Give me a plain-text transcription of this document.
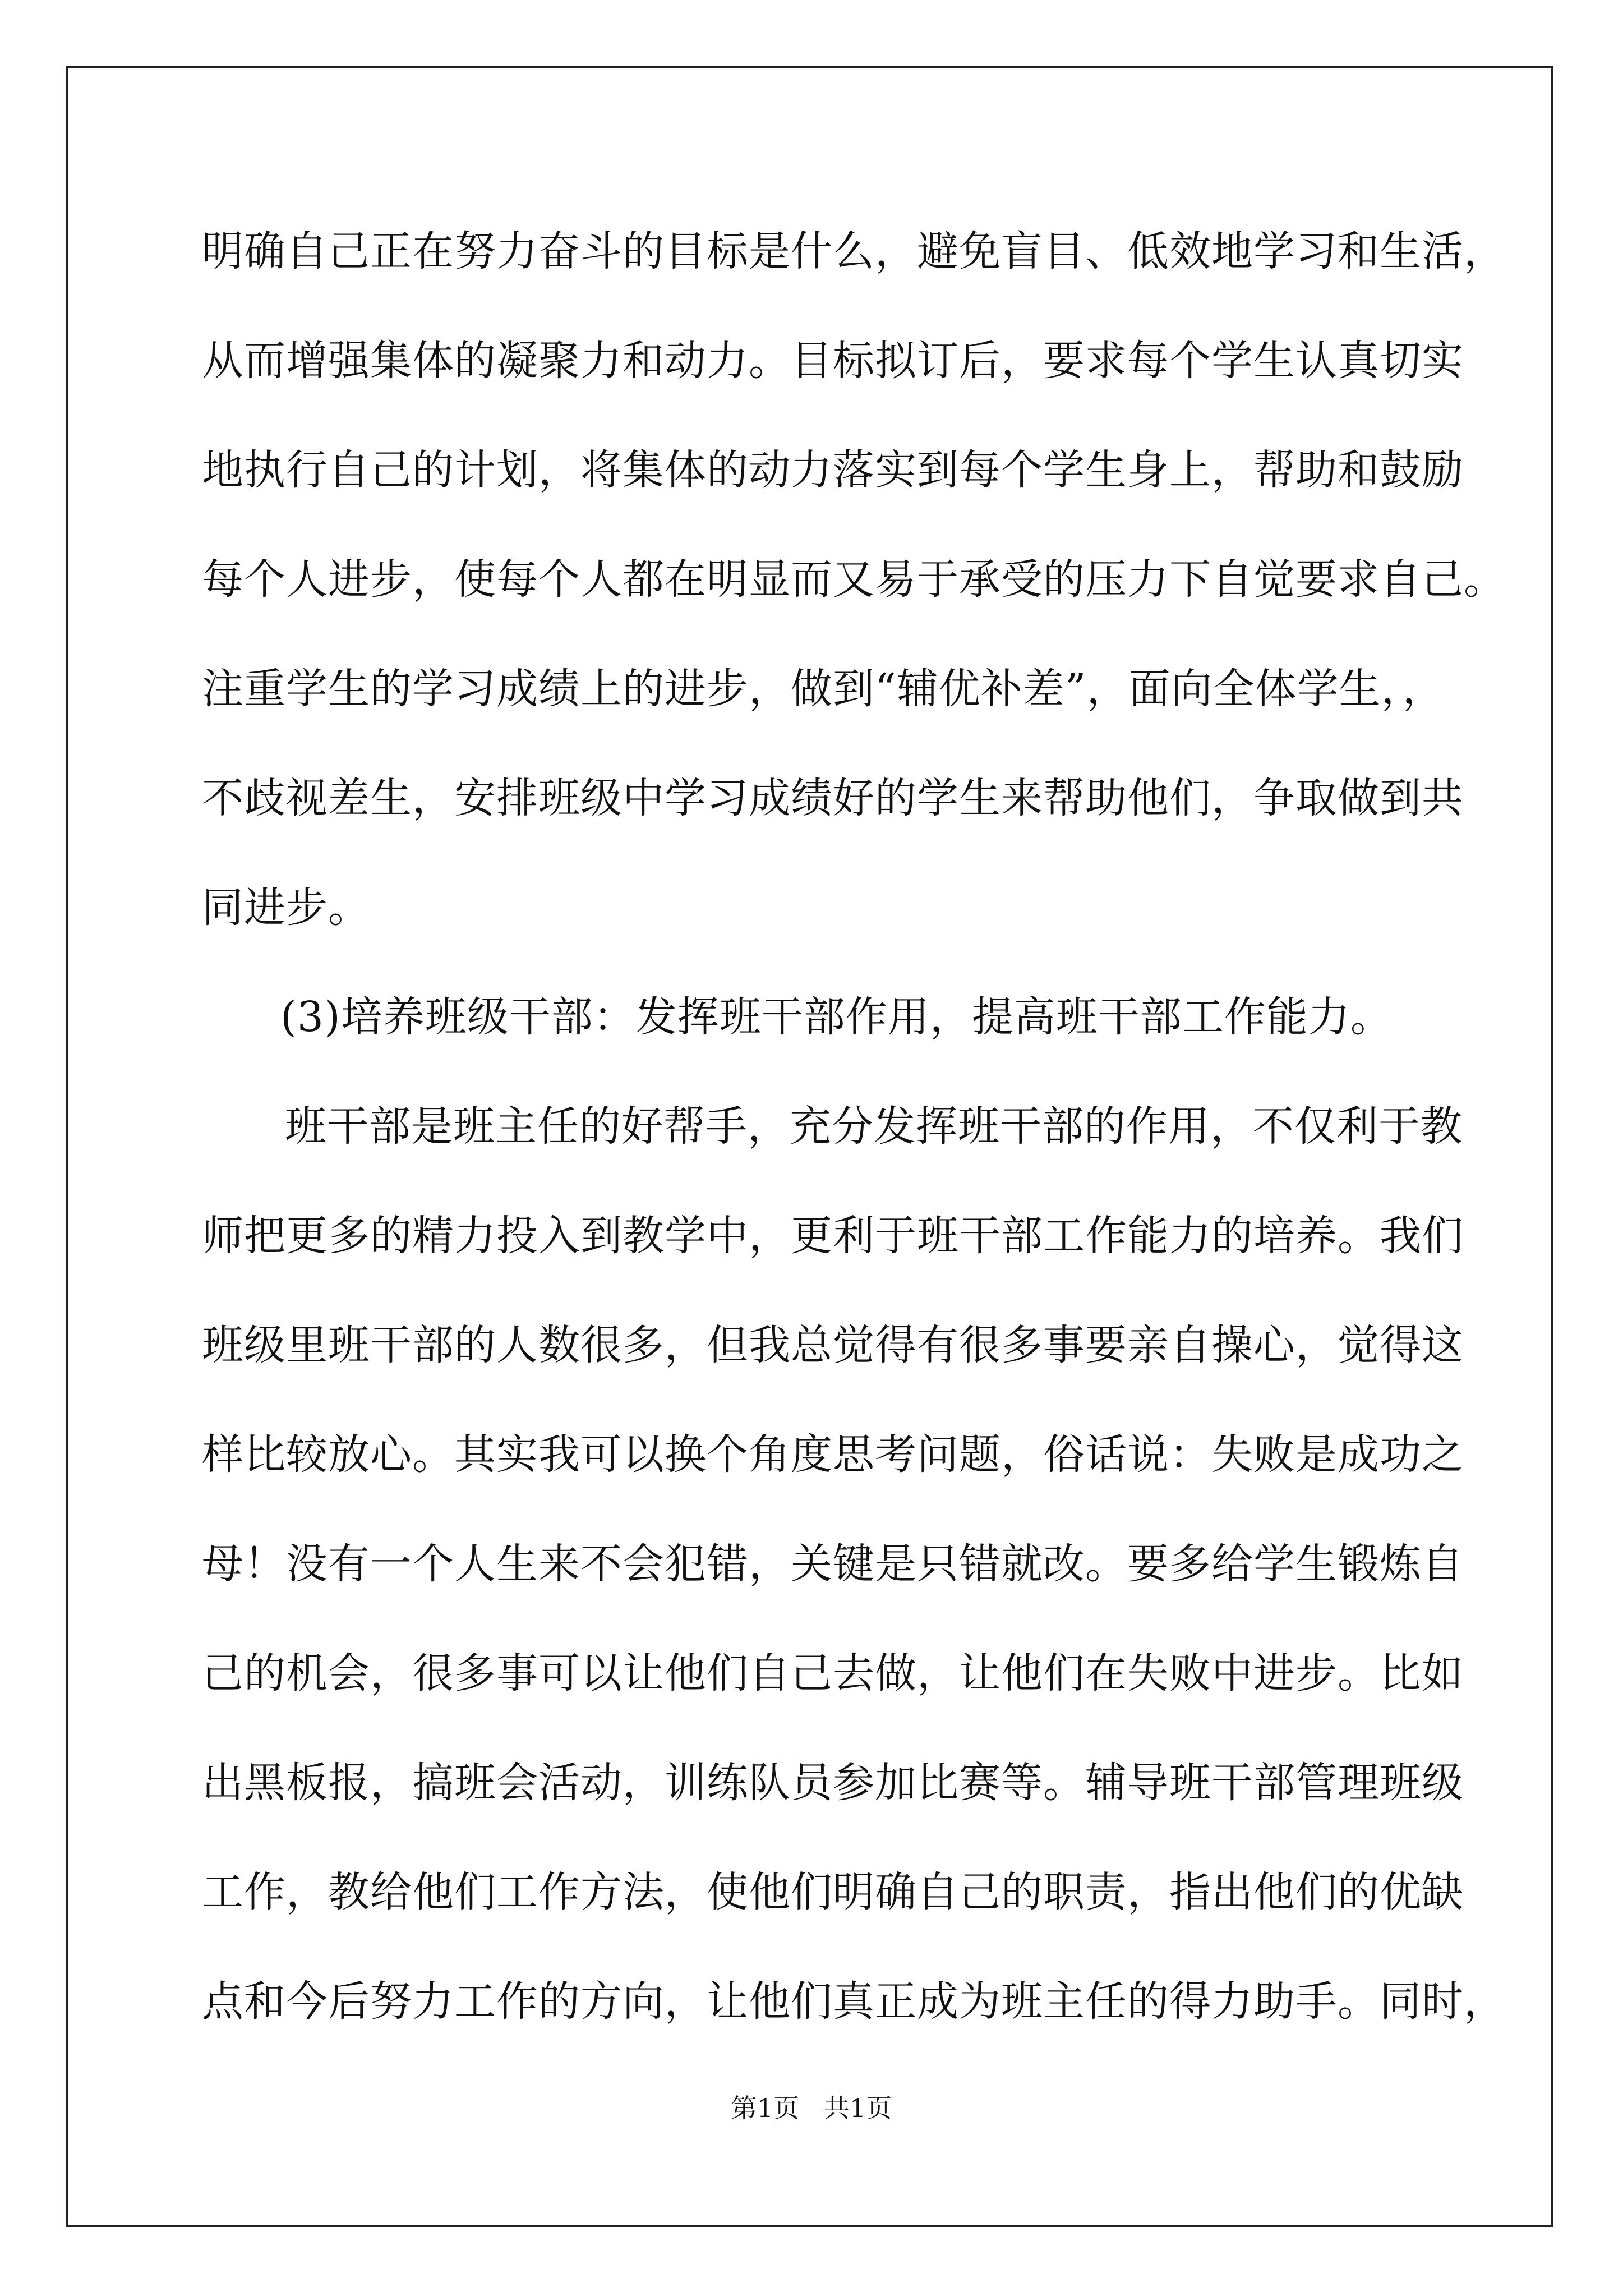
明确自己正在努力奋斗的目标是什么，避免盲目、低效地学习和生活，
从而增强集体的凝聚力和动力。目标拟订后，要求每个学生认真切实
地执行自己的计划，将集体的动力落实到每个学生身上，帮助和鼓励
每个人进步，使每个人都在明显而又易于承受的压力下自觉要求自己。
注重学生的学习成绩上的进步，做到“辅优补差”，面向全体学生，，
不歧视差生，安排班级中学习成绩好的学生来帮助他们，争取做到共
同进步。
(3)培养班级干部：发挥班干部作用，提高班干部工作能力。
班干部是班主任的好帮手，充分发挥班干部的作用，不仅利于教
师把更多的精力投入到教学中，更利于班干部工作能力的培养。我们
班级里班干部的人数很多，但我总觉得有很多事要亲自操心，觉得这
样比较放心。其实我可以换个角度思考问题，俗话说：失败是成功之
母！没有一个人生来不会犯错，关键是只错就改。要多给学生锻炼自
己的机会，很多事可以让他们自己去做，让他们在失败中进步。比如
出黑板报，搞班会活动，训练队员参加比赛等。辅导班干部管理班级
工作，教给他们工作方法，使他们明确自己的职责，指出他们的优缺
点和今后努力工作的方向，让他们真正成为班主任的得力助手。同时，
第1页   共1页
